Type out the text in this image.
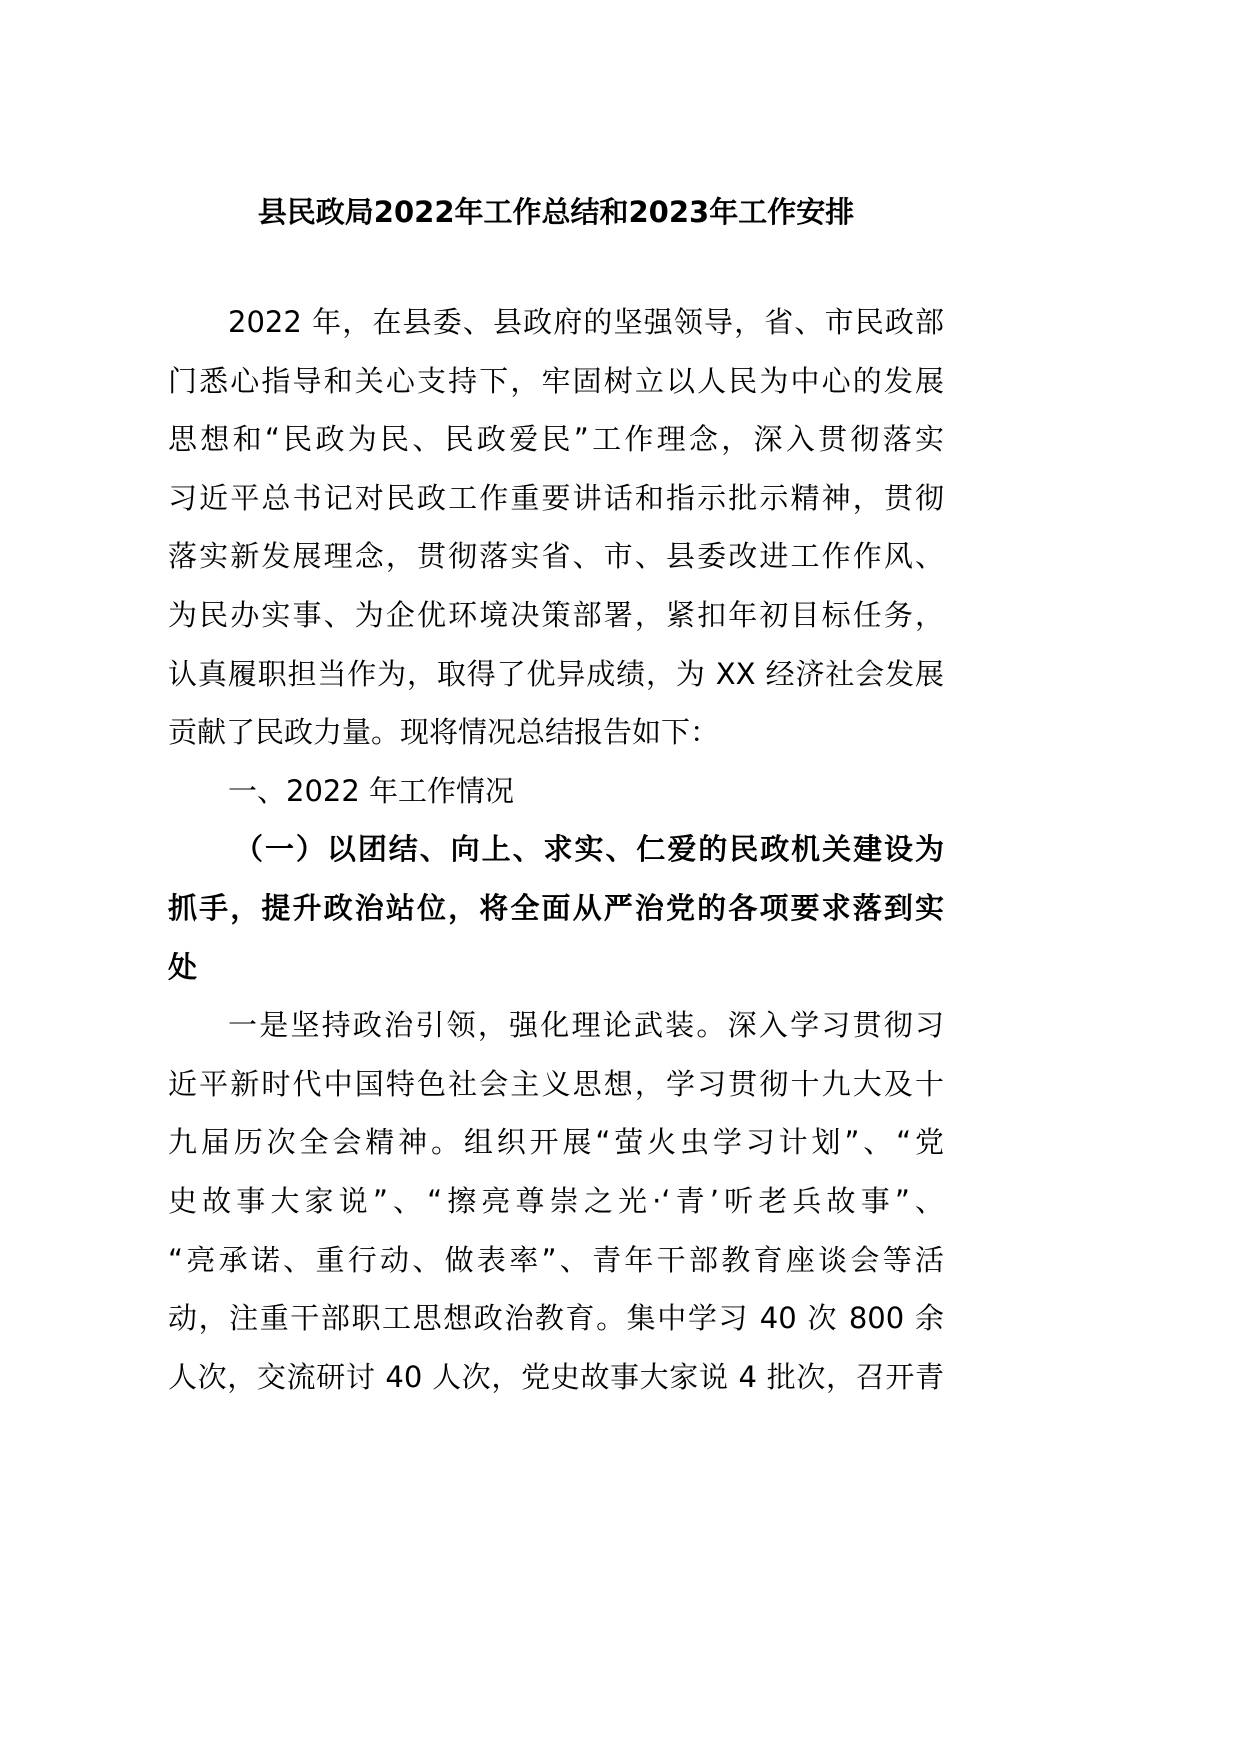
县民政局2022年工作总结和2023年工作安排
2022 年，在县委、县政府的坚强领导，省、市民政部
门悉心指导和关心支持下，牢固树立以人民为中心的发展
思想和“民政为民、民政爱民”工作理念，深入贯彻落实
习近平总书记对民政工作重要讲话和指示批示精神，贯彻
落实新发展理念，贯彻落实省、市、县委改进工作作风、
为民办实事、为企优环境决策部署，紧扣年初目标任务，
认真履职担当作为，取得了优异成绩，为 XX 经济社会发展
贡献了民政力量。现将情况总结报告如下：
一、2022 年工作情况
（一）以团结、向上、求实、仁爱的民政机关建设为
抓手，提升政治站位，将全面从严治党的各项要求落到实
处
一是坚持政治引领，强化理论武装。深入学习贯彻习
近平新时代中国特色社会主义思想，学习贯彻十九大及十
九届历次全会精神。组织开展“萤火虫学习计划”、“党
史故事大家说”、“擦亮尊崇之光·‘青’听老兵故事”、
“亮承诺、重行动、做表率”、青年干部教育座谈会等活
动，注重干部职工思想政治教育。集中学习 40 次 800 余
人次，交流研讨 40 人次，党史故事大家说 4 批次，召开青
